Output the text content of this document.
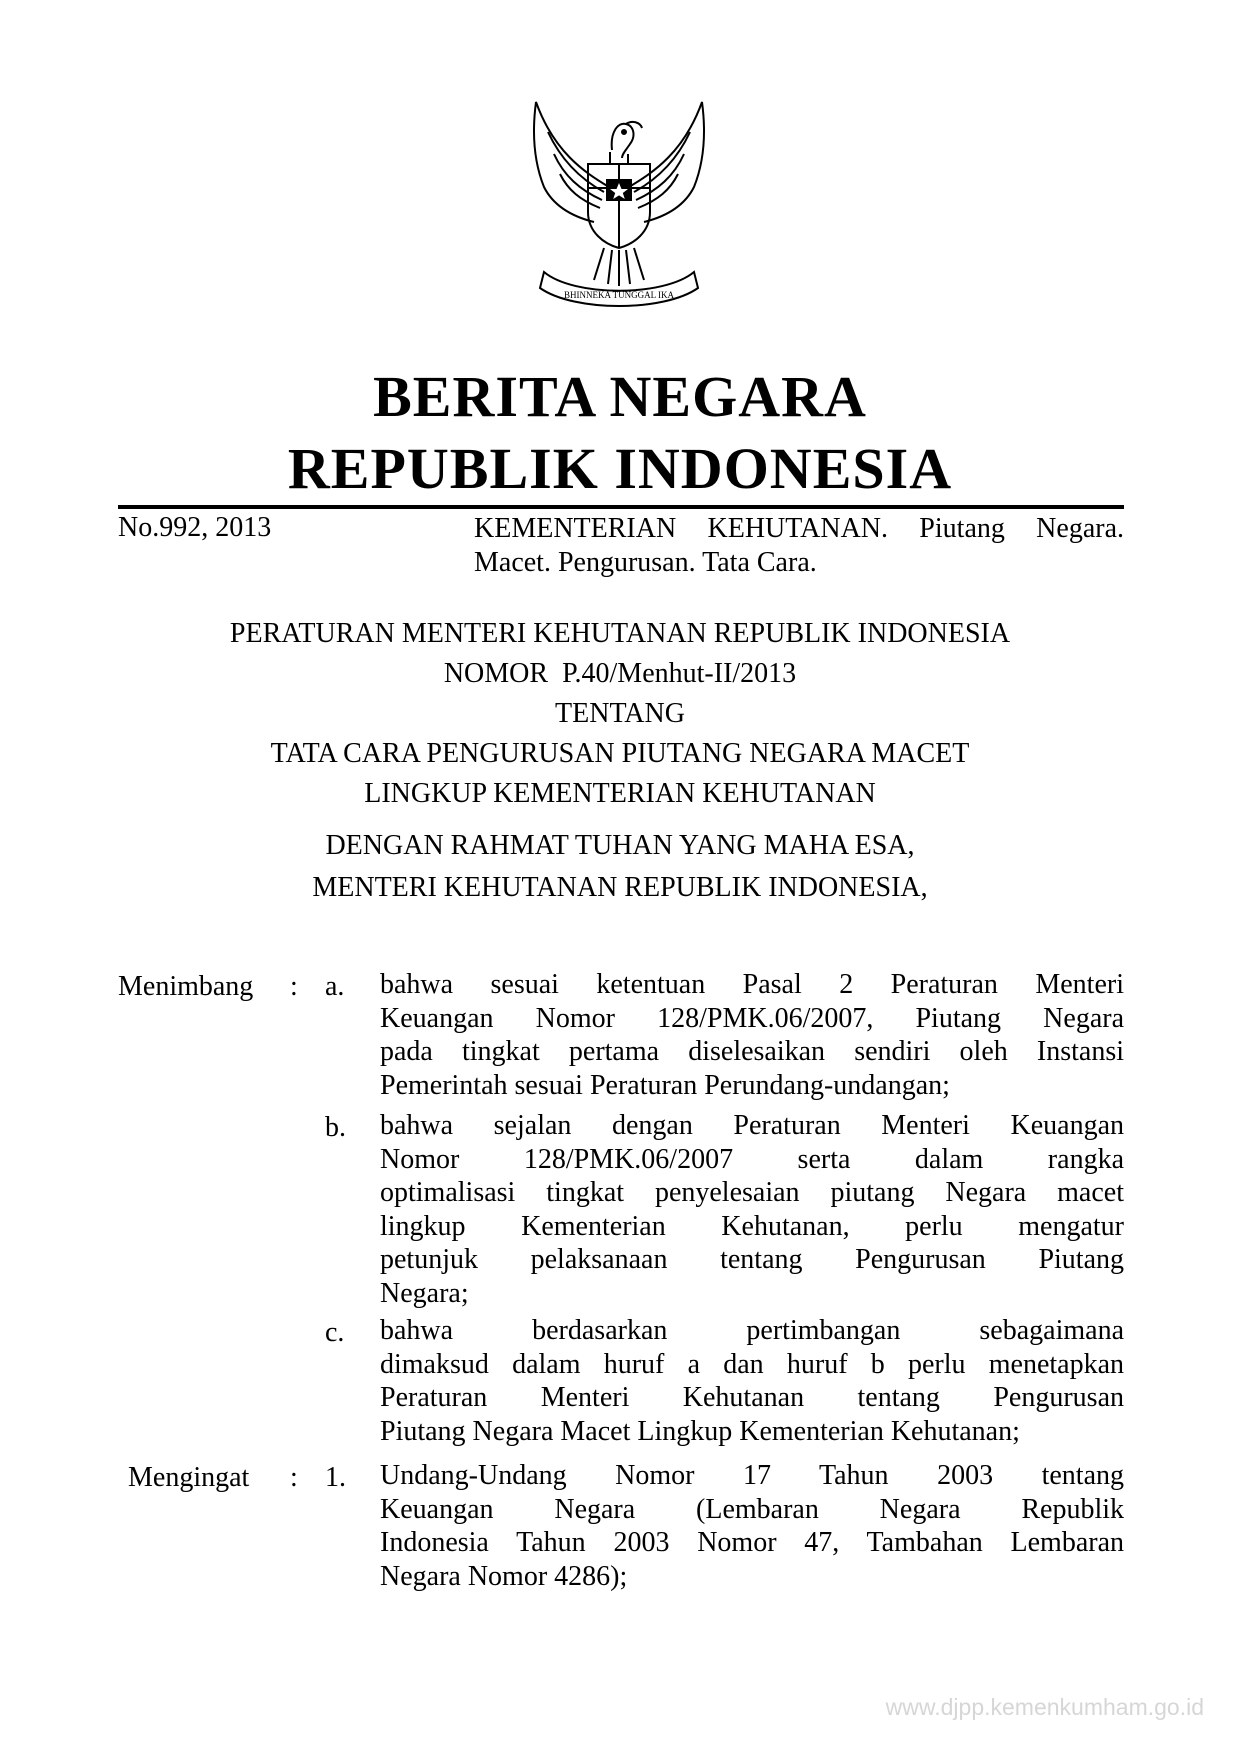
BHINNEKA TUNGGAL IKA
BERITA NEGARA
REPUBLIK INDONESIA
No.992, 2013	KEMENTERIAN KEHUTANAN. Piutang Negara.
Macet. Pengurusan. Tata Cara.
PERATURAN MENTERI KEHUTANAN REPUBLIK INDONESIA
NOMOR  P.40/Menhut-II/2013
TENTANG
TATA CARA PENGURUSAN PIUTANG NEGARA MACET
LINGKUP KEMENTERIAN KEHUTANAN
DENGAN RAHMAT TUHAN YANG MAHA ESA,
MENTERI KEHUTANAN REPUBLIK INDONESIA,
Menimbang : a. bahwa sesuai ketentuan Pasal 2 Peraturan Menteri
Keuangan Nomor 128/PMK.06/2007, Piutang Negara
pada tingkat pertama diselesaikan sendiri oleh Instansi
Pemerintah sesuai Peraturan Perundang-undangan;
b. bahwa sejalan dengan Peraturan Menteri Keuangan
Nomor 128/PMK.06/2007 serta dalam rangka
optimalisasi tingkat penyelesaian piutang Negara macet
lingkup Kementerian Kehutanan, perlu mengatur
petunjuk pelaksanaan tentang Pengurusan Piutang
Negara;
c. bahwa berdasarkan pertimbangan sebagaimana
dimaksud dalam huruf a dan huruf b perlu menetapkan
Peraturan Menteri Kehutanan tentang Pengurusan
Piutang Negara Macet Lingkup Kementerian Kehutanan;
Mengingat : 1. Undang-Undang Nomor 17 Tahun 2003 tentang
Keuangan Negara (Lembaran Negara Republik
Indonesia Tahun 2003 Nomor 47, Tambahan Lembaran
Negara Nomor 4286);
www.djpp.kemenkumham.go.id
